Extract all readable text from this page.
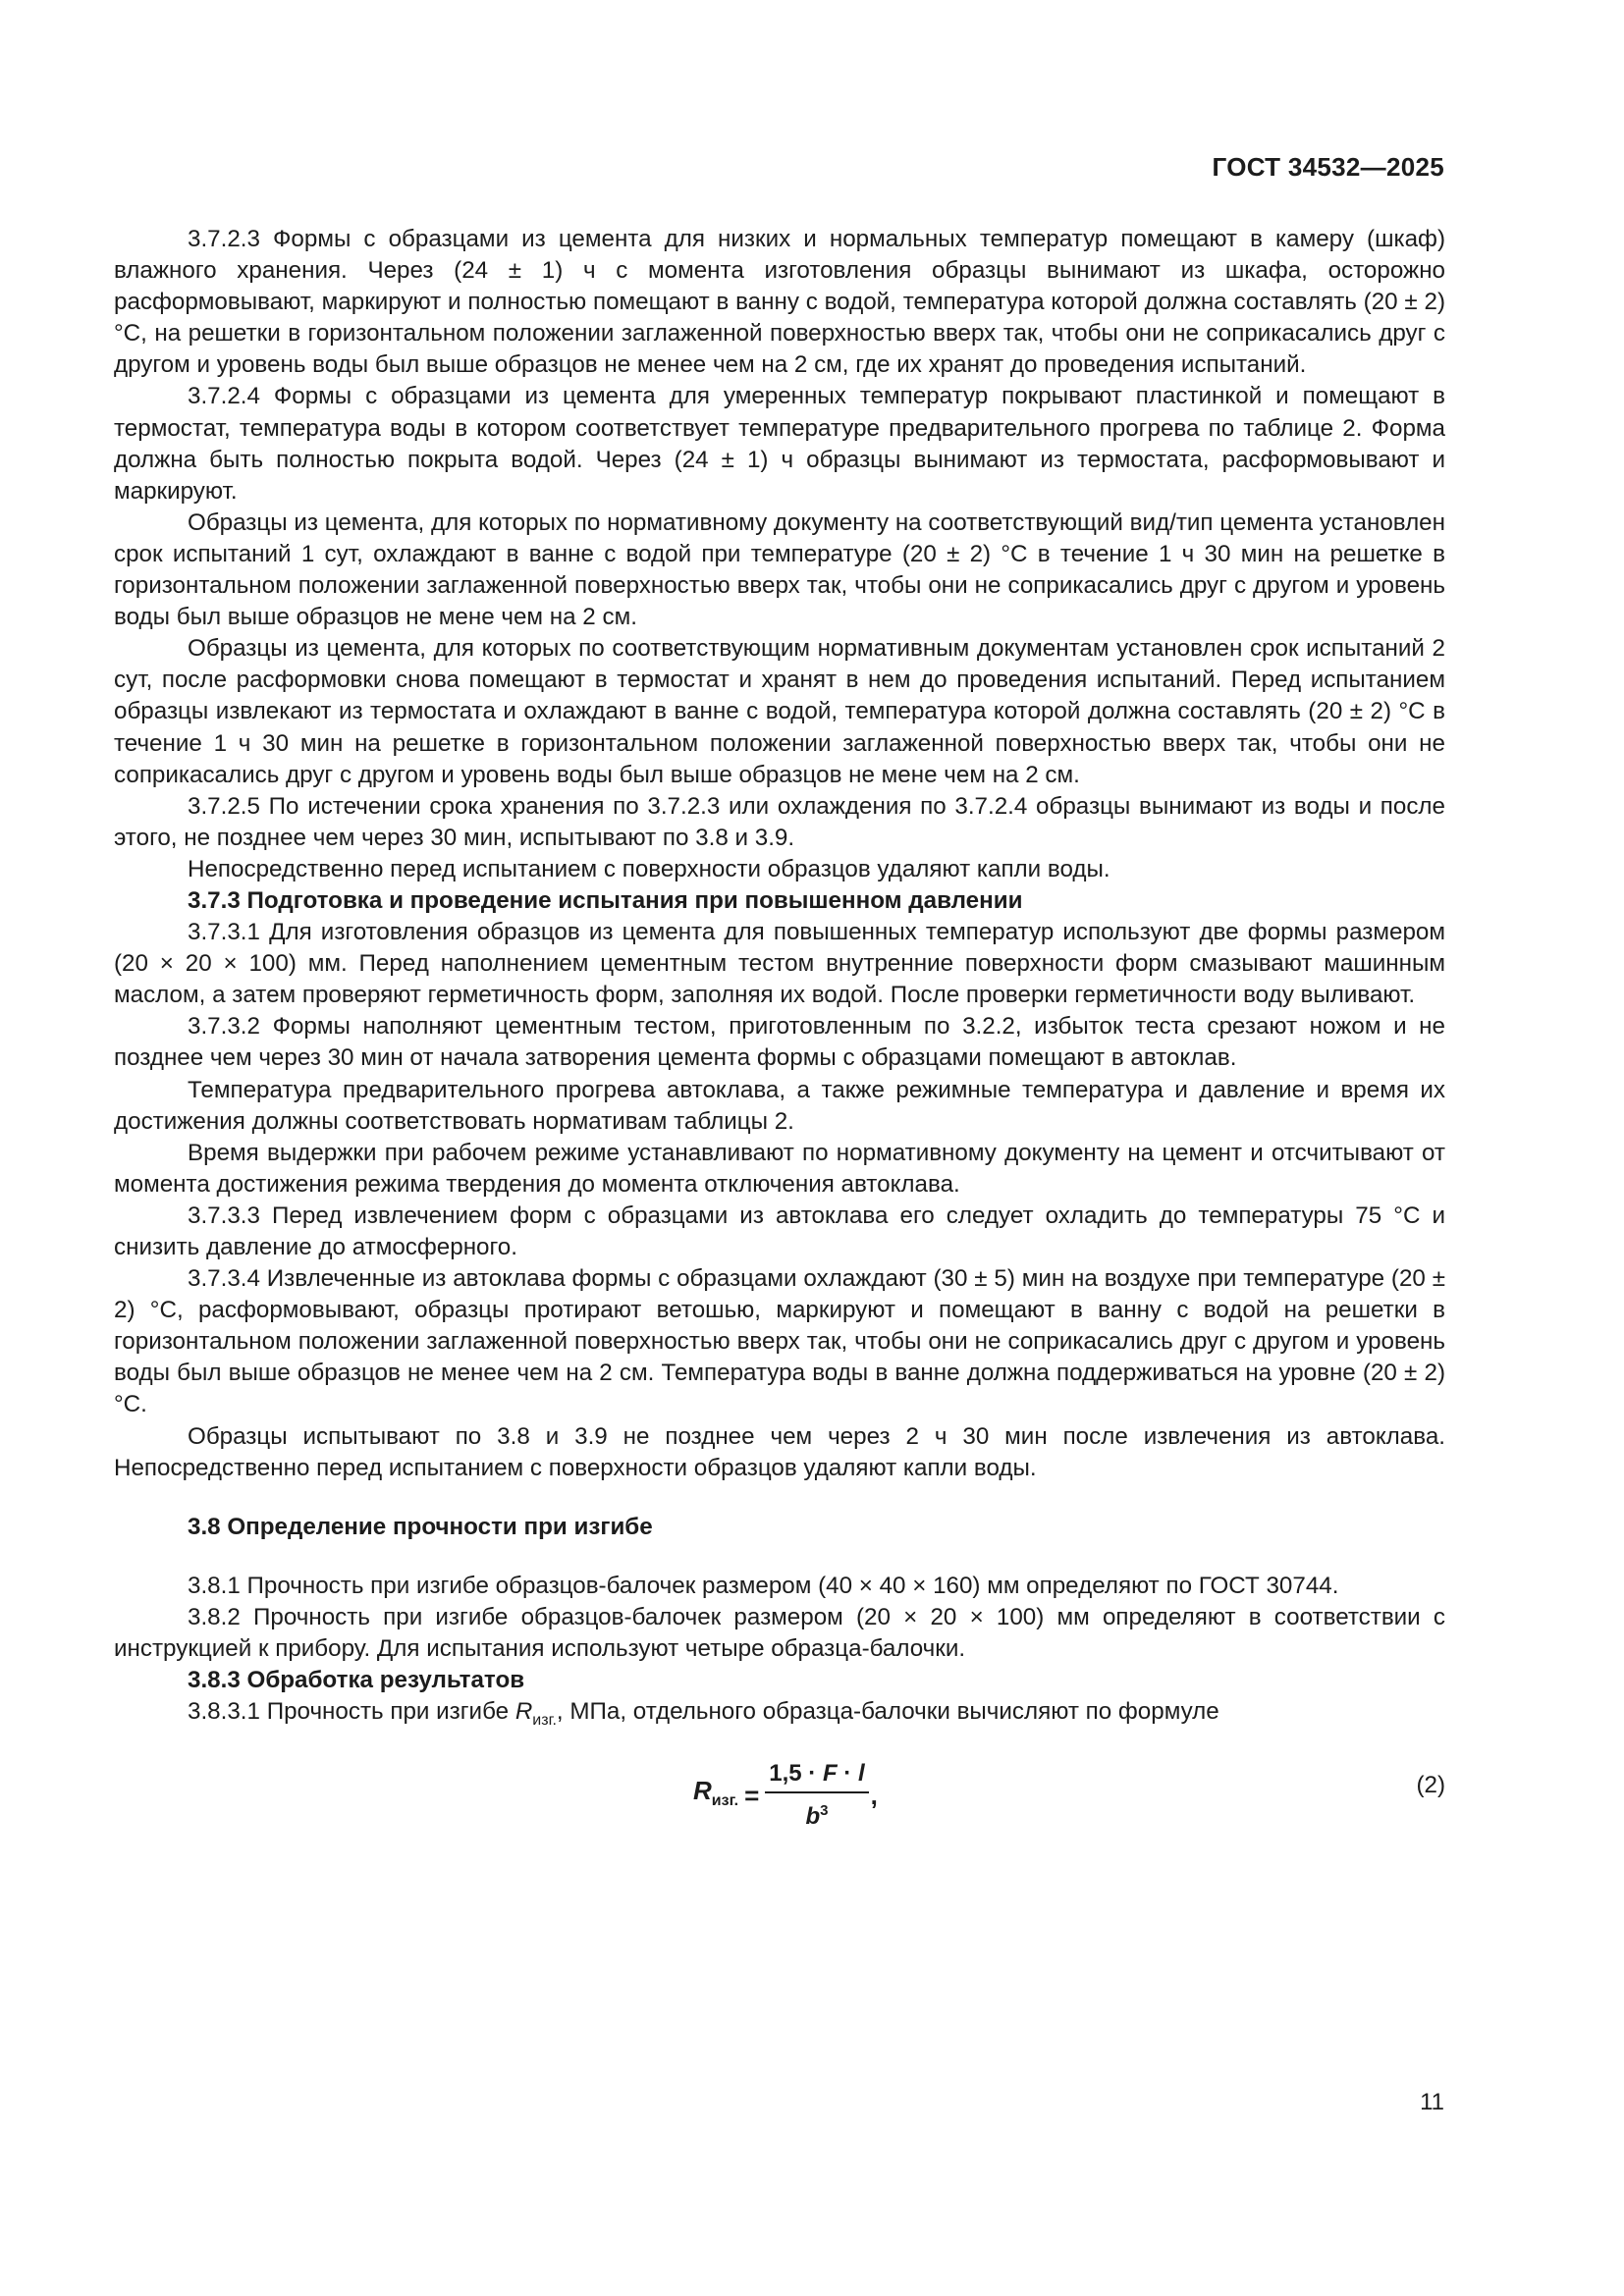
ГОСТ 34532—2025

3.7.2.3 Формы с образцами из цемента для низких и нормальных температур помещают в камеру (шкаф) влажного хранения. Через (24 ± 1) ч с момента изготовления образцы вынимают из шкафа, осторожно расформовывают, маркируют и полностью помещают в ванну с водой, температура которой должна составлять (20 ± 2) °С, на решетки в горизонтальном положении заглаженной поверхностью вверх так, чтобы они не соприкасались друг с другом и уровень воды был выше образцов не менее чем на 2 см, где их хранят до проведения испытаний.

3.7.2.4 Формы с образцами из цемента для умеренных температур покрывают пластинкой и помещают в термостат, температура воды в котором соответствует температуре предварительного прогрева по таблице 2. Форма должна быть полностью покрыта водой. Через (24 ± 1) ч образцы вынимают из термостата, расформовывают и маркируют.

Образцы из цемента, для которых по нормативному документу на соответствующий вид/тип цемента установлен срок испытаний 1 сут, охлаждают в ванне с водой при температуре (20 ± 2) °С в течение 1 ч 30 мин на решетке в горизонтальном положении заглаженной поверхностью вверх так, чтобы они не соприкасались друг с другом и уровень воды был выше образцов не мене чем на 2 см.

Образцы из цемента, для которых по соответствующим нормативным документам установлен срок испытаний 2 сут, после расформовки снова помещают в термостат и хранят в нем до проведения испытаний. Перед испытанием образцы извлекают из термостата и охлаждают в ванне с водой, температура которой должна составлять (20 ± 2) °С в течение 1 ч 30 мин на решетке в горизонтальном положении заглаженной поверхностью вверх так, чтобы они не соприкасались друг с другом и уровень воды был выше образцов не мене чем на 2 см.

3.7.2.5 По истечении срока хранения по 3.7.2.3 или охлаждения по 3.7.2.4 образцы вынимают из воды и после этого, не позднее чем через 30 мин, испытывают по 3.8 и 3.9.

Непосредственно перед испытанием с поверхности образцов удаляют капли воды.

3.7.3 Подготовка и проведение испытания при повышенном давлении

3.7.3.1 Для изготовления образцов из цемента для повышенных температур используют две формы размером (20 × 20 × 100) мм. Перед наполнением цементным тестом внутренние поверхности форм смазывают машинным маслом, а затем проверяют герметичность форм, заполняя их водой. После проверки герметичности воду выливают.

3.7.3.2 Формы наполняют цементным тестом, приготовленным по 3.2.2, избыток теста срезают ножом и не позднее чем через 30 мин от начала затворения цемента формы с образцами помещают в автоклав.

Температура предварительного прогрева автоклава, а также режимные температура и давление и время их достижения должны соответствовать нормативам таблицы 2.

Время выдержки при рабочем режиме устанавливают по нормативному документу на цемент и отсчитывают от момента достижения режима твердения до момента отключения автоклава.

3.7.3.3 Перед извлечением форм с образцами из автоклава его следует охладить до температуры 75 °С и снизить давление до атмосферного.

3.7.3.4 Извлеченные из автоклава формы с образцами охлаждают (30 ± 5) мин на воздухе при температуре (20 ± 2) °С, расформовывают, образцы протирают ветошью, маркируют и помещают в ванну с водой на решетки в горизонтальном положении заглаженной поверхностью вверх так, чтобы они не соприкасались друг с другом и уровень воды был выше образцов не менее чем на 2 см. Температура воды в ванне должна поддерживаться на уровне (20 ± 2) °С.

Образцы испытывают по 3.8 и 3.9 не позднее чем через 2 ч 30 мин после извлечения из автоклава. Непосредственно перед испытанием с поверхности образцов удаляют капли воды.

3.8 Определение прочности при изгибе

3.8.1 Прочность при изгибе образцов-балочек размером (40 × 40 × 160) мм определяют по ГОСТ 30744.

3.8.2 Прочность при изгибе образцов-балочек размером (20 × 20 × 100) мм определяют в соответствии с инструкцией к прибору. Для испытания используют четыре образца-балочки.

3.8.3 Обработка результатов

3.8.3.1 Прочность при изгибе $R_{изг.}$, МПа, отдельного образца-балочки вычисляют по формуле

$R_{изг.} = \frac{1,5 \cdot F \cdot l}{b^3}$ ,	(2)
11
